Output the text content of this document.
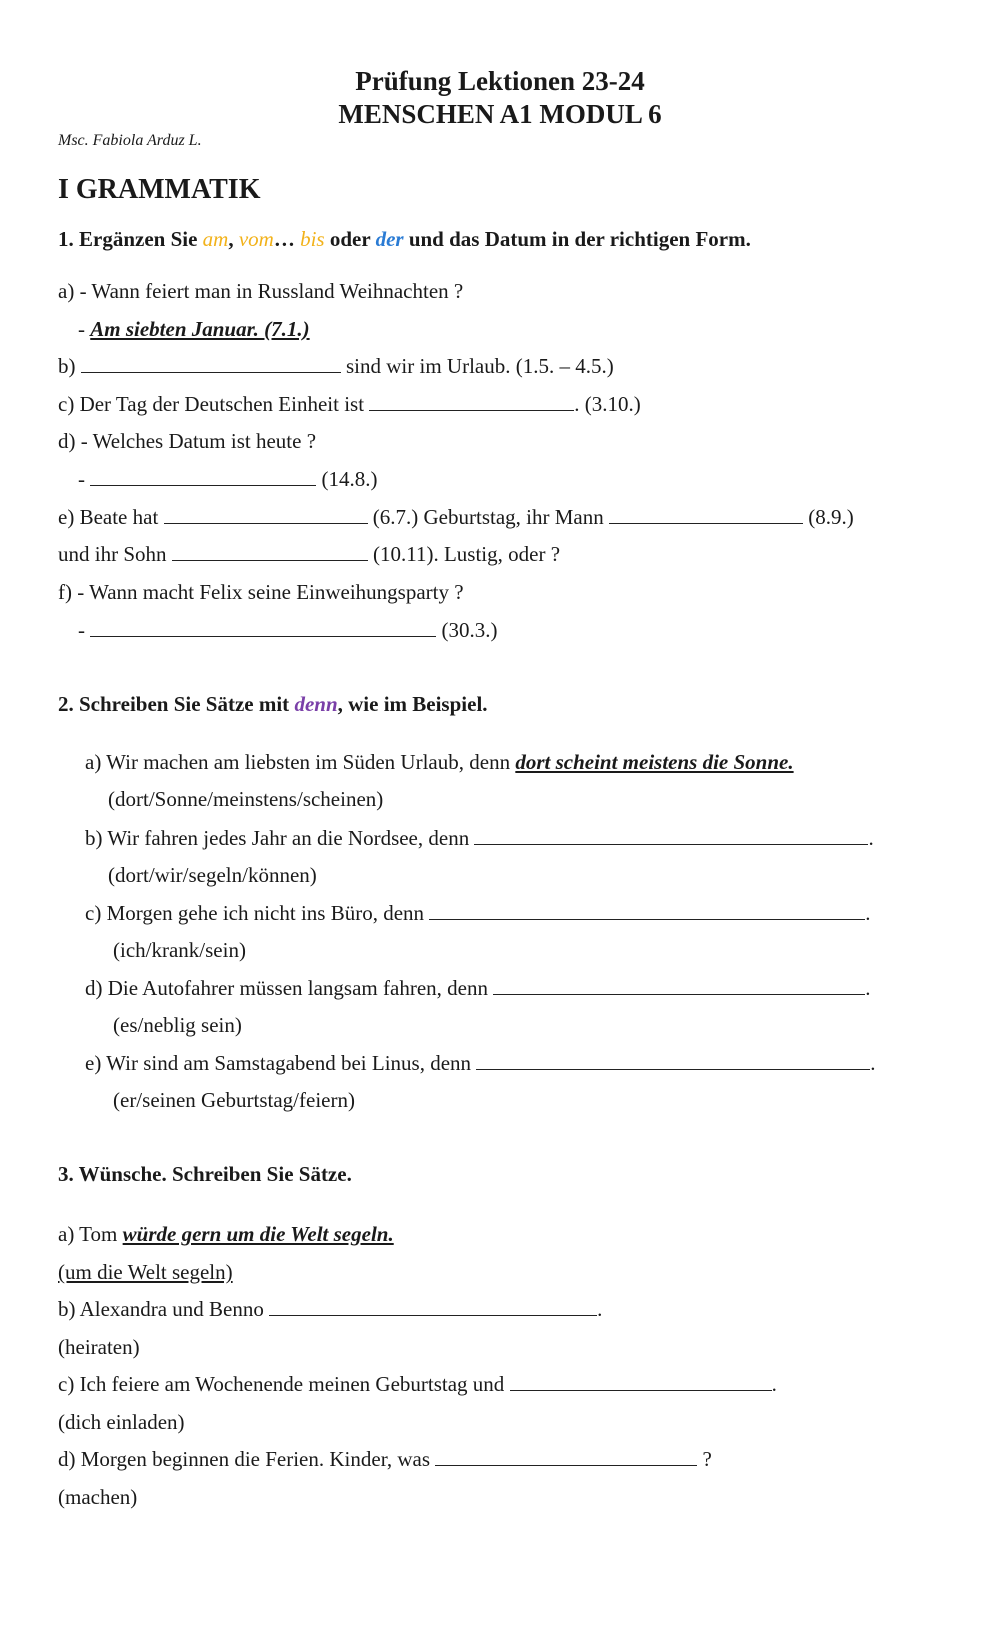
Prüfung Lektionen 23-24
MENSCHEN A1 MODUL 6
Msc. Fabiola Arduz L.
I GRAMMATIK
1. Ergänzen Sie am, vom… bis oder der und das Datum in der richtigen Form.
a) - Wann feiert man in Russland Weihnachten ?
- Am siebten Januar. (7.1.)
b)	sind wir im Urlaub. (1.5. – 4.5.)
c) Der Tag der Deutschen Einheit ist	. (3.10.)
d) - Welches Datum ist heute ?
-	(14.8.)
e) Beate hat	(6.7.) Geburtstag, ihr Mann	(8.9.)
und ihr Sohn	(10.11). Lustig, oder ?
f) - Wann macht Felix seine Einweihungsparty ?
-	(30.3.)
2. Schreiben Sie Sätze mit denn, wie im Beispiel.
a) Wir machen am liebsten im Süden Urlaub, denn dort scheint meistens die Sonne.
(dort/Sonne/meinstens/scheinen)
b) Wir fahren jedes Jahr an die Nordsee, denn	.
(dort/wir/segeln/können)
c) Morgen gehe ich nicht ins Büro, denn	.
(ich/krank/sein)
d) Die Autofahrer müssen langsam fahren, denn	.
(es/neblig sein)
e) Wir sind am Samstagabend bei Linus, denn	.
(er/seinen Geburtstag/feiern)
3. Wünsche. Schreiben Sie Sätze.
a) Tom würde gern um die Welt segeln.
(um die Welt segeln)
b) Alexandra und Benno	.
(heiraten)
c) Ich feiere am Wochenende meinen Geburtstag und	.
(dich einladen)
d) Morgen beginnen die Ferien. Kinder, was	?
(machen)
